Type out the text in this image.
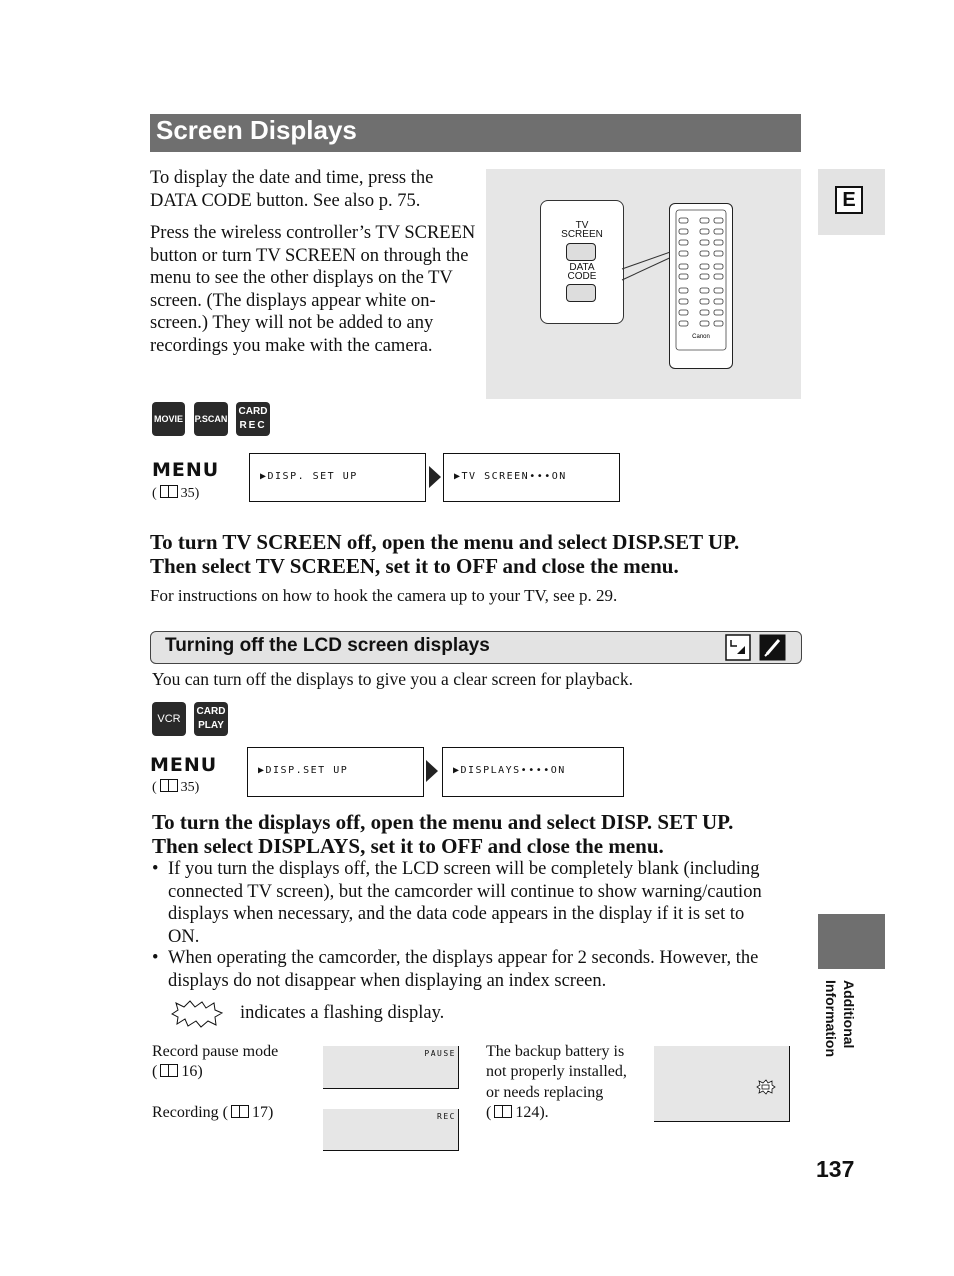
Screen Displays
E
To display the date and time, press the DATA CODE button. See also p. 75.
Press the wireless controller’s TV SCREEN button or turn TV SCREEN on through the menu to see the other displays on the TV screen. (The displays appear white on-screen.) They will not be added to any recordings you make with the camera.
TV
SCREEN
DATA
CODE
Canon
MOVIE P.SCAN
CARD
REC
MENU
( 35)
▶DISP. SET UP	▶TV SCREEN•••ON
To turn TV SCREEN off, open the menu and select DISP.SET UP.
Then select TV SCREEN, set it to OFF and close the menu.
For instructions on how to hook the camera up to your TV, see p. 29.
Turning off the LCD screen displays
You can turn off the displays to give you a clear screen for playback.
VCR
CARD
PLAY
MENU
( 35)
▶DISP.SET UP	▶DISPLAYS••••ON
To turn the displays off, open the menu and select DISP. SET UP.
Then select DISPLAYS, set it to OFF and close the menu.
• If you turn the displays off, the LCD screen will be completely blank (including connected TV screen), but the camcorder will continue to show warning/caution displays when necessary, and the data code appears in the display if it is set to ON.
• When operating the camcorder, the displays appear for 2 seconds. However, the displays do not disappear when displaying an index screen.
indicates a flashing display.
Record pause mode
( 16)
Recording ( 17)
PAUSE
REC
The backup battery is
not properly installed,
or needs replacing
( 124).
Additional
Information
137
